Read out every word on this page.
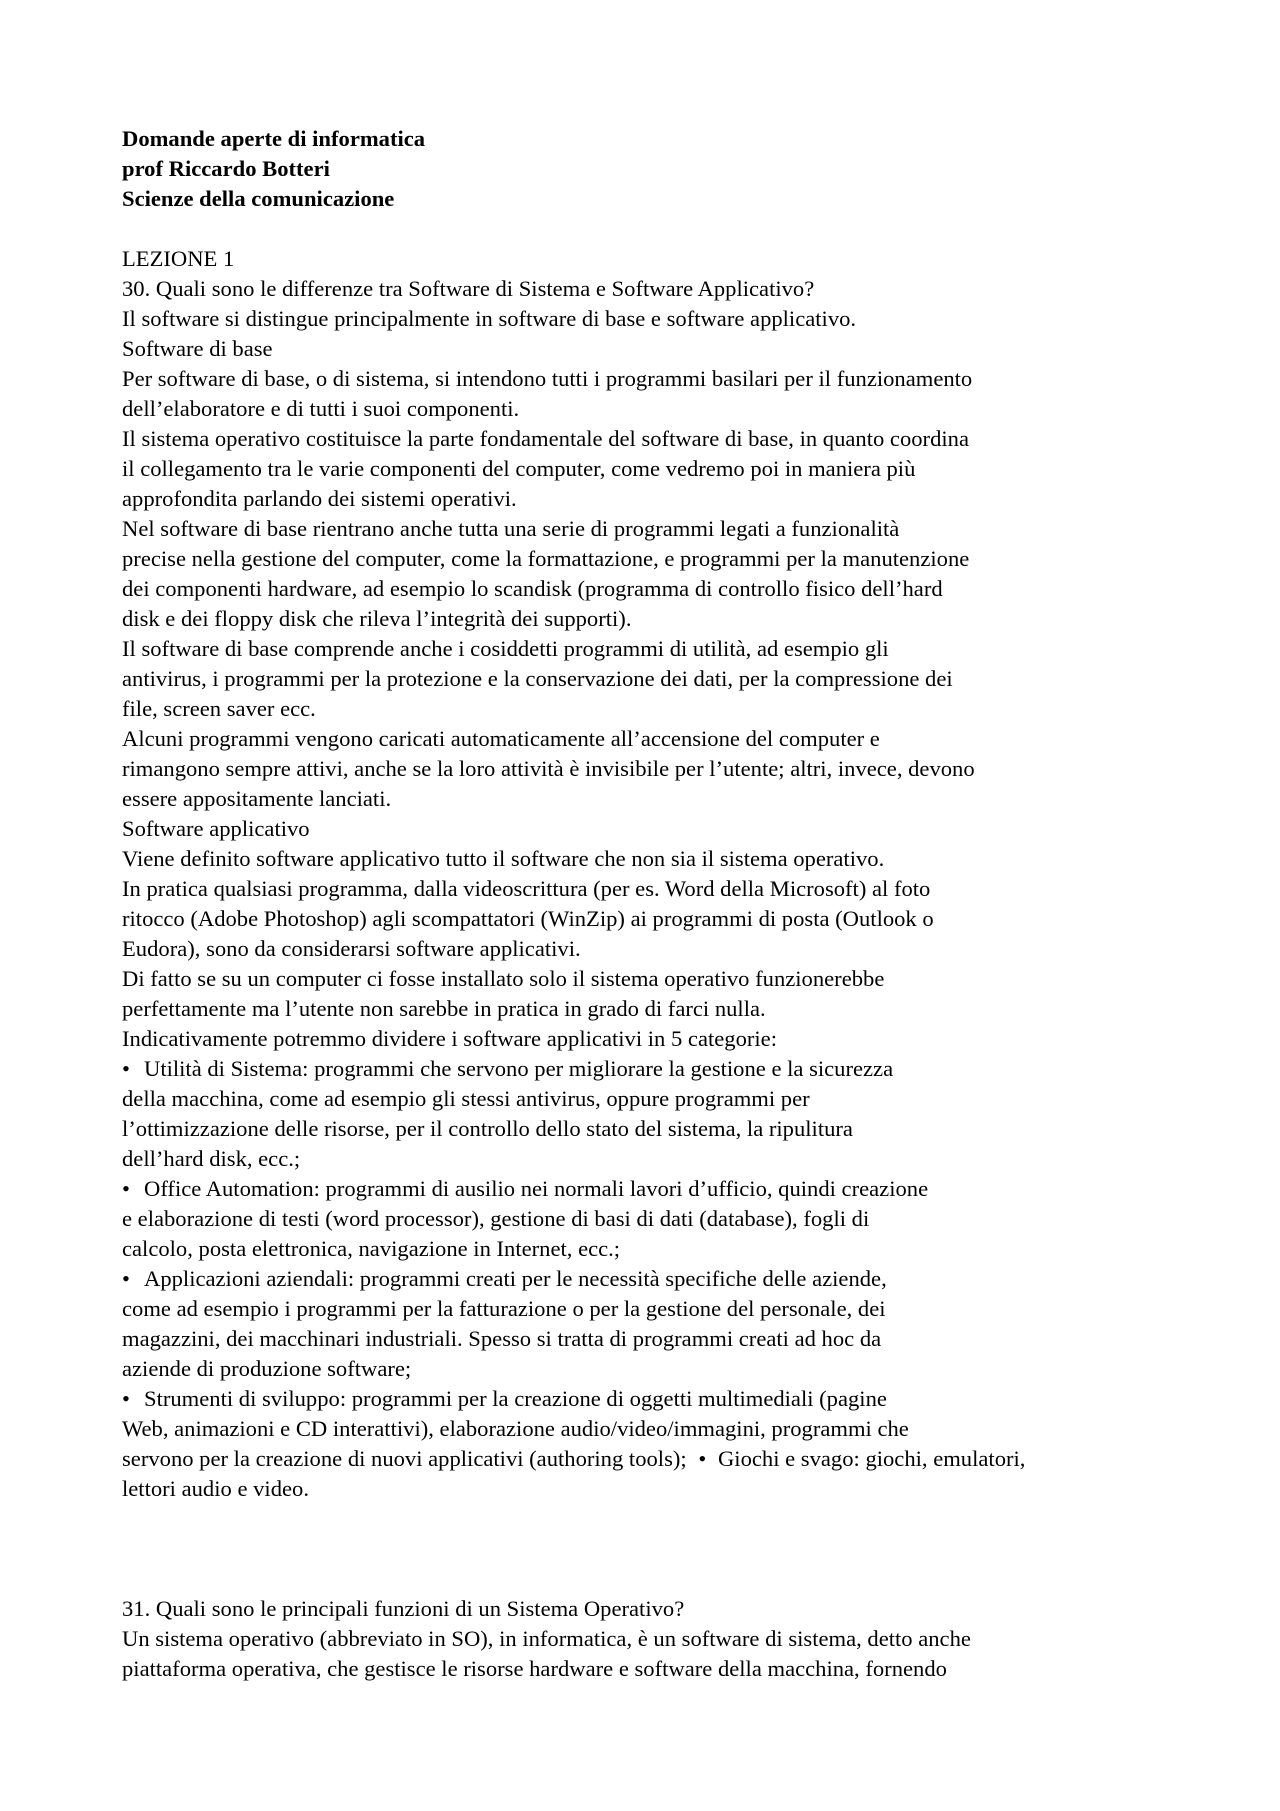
Domande aperte di informatica
prof Riccardo Botteri
Scienze della comunicazione
LEZIONE 1
30. Quali sono le differenze tra Software di Sistema e Software Applicativo?
Il software si distingue principalmente in software di base e software applicativo.
Software di base
Per software di base, o di sistema, si intendono tutti i programmi basilari per il funzionamento
dell’elaboratore e di tutti i suoi componenti.
Il sistema operativo costituisce la parte fondamentale del software di base, in quanto coordina
il collegamento tra le varie componenti del computer, come vedremo poi in maniera più
approfondita parlando dei sistemi operativi.
Nel software di base rientrano anche tutta una serie di programmi legati a funzionalità
precise nella gestione del computer, come la formattazione, e programmi per la manutenzione
dei componenti hardware, ad esempio lo scandisk (programma di controllo fisico dell’hard
disk e dei floppy disk che rileva l’integrità dei supporti).
Il software di base comprende anche i cosiddetti programmi di utilità, ad esempio gli
antivirus, i programmi per la protezione e la conservazione dei dati, per la compressione dei
file, screen saver ecc.
Alcuni programmi vengono caricati automaticamente all’accensione del computer e
rimangono sempre attivi, anche se la loro attività è invisibile per l’utente; altri, invece, devono
essere appositamente lanciati.
Software applicativo
Viene definito software applicativo tutto il software che non sia il sistema operativo.
In pratica qualsiasi programma, dalla videoscrittura (per es. Word della Microsoft) al foto
ritocco (Adobe Photoshop) agli scompattatori (WinZip) ai programmi di posta (Outlook o
Eudora), sono da considerarsi software applicativi.
Di fatto se su un computer ci fosse installato solo il sistema operativo funzionerebbe
perfettamente ma l’utente non sarebbe in pratica in grado di farci nulla.
Indicativamente potremmo dividere i software applicativi in 5 categorie:
• Utilità di Sistema: programmi che servono per migliorare la gestione e la sicurezza
della macchina, come ad esempio gli stessi antivirus, oppure programmi per
l’ottimizzazione delle risorse, per il controllo dello stato del sistema, la ripulitura
dell’hard disk, ecc.;
• Office Automation: programmi di ausilio nei normali lavori d’ufficio, quindi creazione
e elaborazione di testi (word processor), gestione di basi di dati (database), fogli di
calcolo, posta elettronica, navigazione in Internet, ecc.;
• Applicazioni aziendali: programmi creati per le necessità specifiche delle aziende,
come ad esempio i programmi per la fatturazione o per la gestione del personale, dei
magazzini, dei macchinari industriali. Spesso si tratta di programmi creati ad hoc da
aziende di produzione software;
• Strumenti di sviluppo: programmi per la creazione di oggetti multimediali (pagine
Web, animazioni e CD interattivi), elaborazione audio/video/immagini, programmi che
servono per la creazione di nuovi applicativi (authoring tools); • Giochi e svago: giochi, emulatori,
lettori audio e video.
31. Quali sono le principali funzioni di un Sistema Operativo?
Un sistema operativo (abbreviato in SO), in informatica, è un software di sistema, detto anche
piattaforma operativa, che gestisce le risorse hardware e software della macchina, fornendo
